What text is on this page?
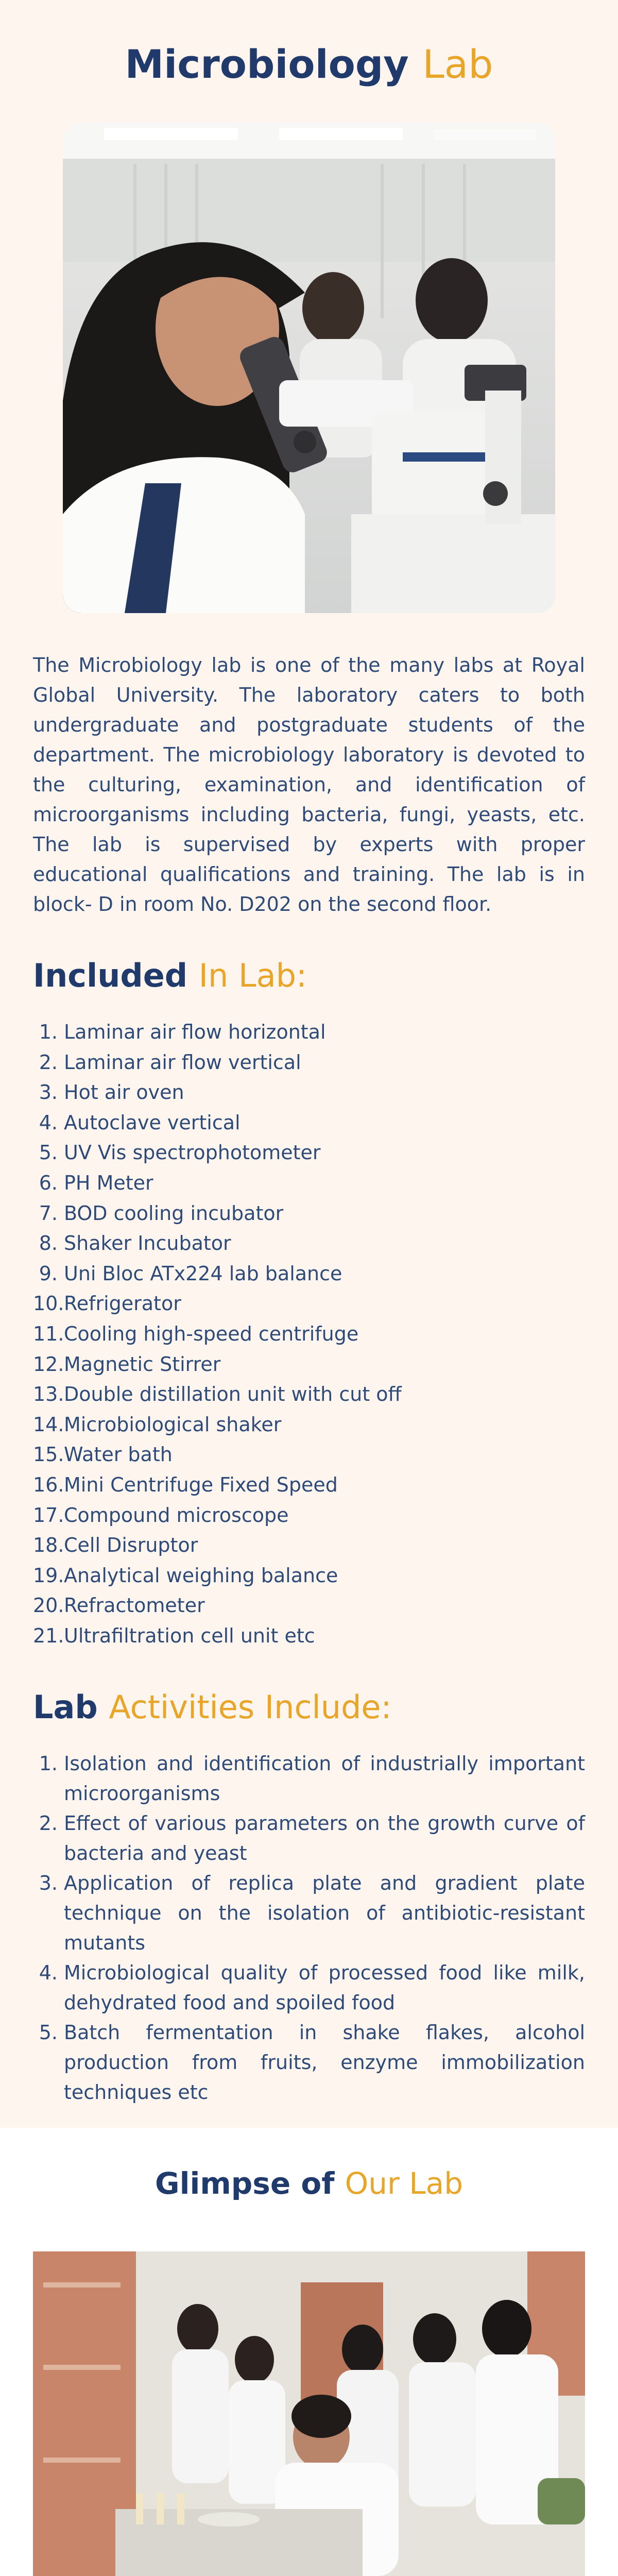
Microbiology Lab

The Microbiology lab is one of the many labs at Royal Global University. The laboratory caters to both undergraduate and postgraduate students of the department. The microbiology laboratory is devoted to the culturing, examination, and identification of microorganisms including bacteria, fungi, yeasts, etc. The lab is supervised by experts with proper educational qualifications and training. The lab is in block- D in room No. D202 on the second floor.

Included In Lab:
Laminar air flow horizontal
Laminar air flow vertical
Hot air oven
Autoclave vertical
UV Vis spectrophotometer
PH Meter
BOD cooling incubator
Shaker Incubator
Uni Bloc ATx224 lab balance
Refrigerator
Cooling high-speed centrifuge
Magnetic Stirrer
Double distillation unit with cut off
Microbiological shaker
Water bath
Mini Centrifuge Fixed Speed
Compound microscope
Cell Disruptor
Analytical weighing balance
Refractometer
Ultrafiltration cell unit etc
Lab Activities Include:
Isolation and identification of industrially important microorganisms
Effect of various parameters on the growth curve of bacteria and yeast
Application of replica plate and gradient plate technique on the isolation of antibiotic-resistant mutants
Microbiological quality of processed food like milk, dehydrated food and spoiled food
Batch fermentation in shake flakes, alcohol production from fruits, enzyme immobilization techniques etc
Glimpse of Our Lab
